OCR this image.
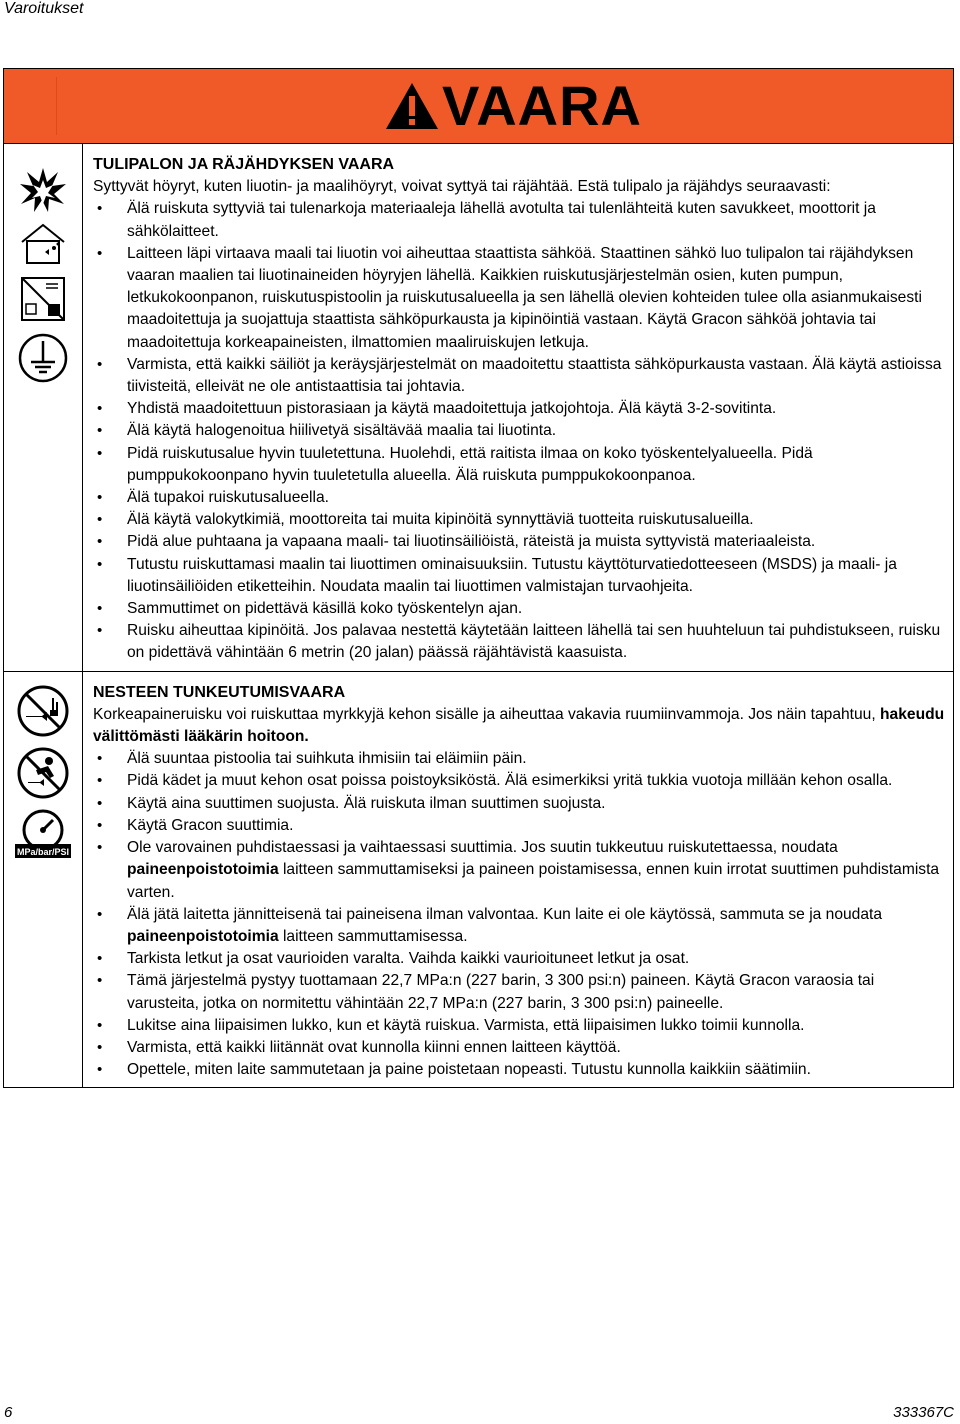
Varoitukset
VAARA
TULIPALON JA RÄJÄHDYKSEN VAARA

Syttyvät höyryt, kuten liuotin- ja maalihöyryt, voivat syttyä tai räjähtää. Estä tulipalo ja räjähdys seuraavasti:

• Älä ruiskuta syttyviä tai tulenarkoja materiaaleja lähellä avotulta tai tulenlähteitä kuten savukkeet, moottorit ja sähkölaitteet.
• Laitteen läpi virtaava maali tai liuotin voi aiheuttaa staattista sähköä. Staattinen sähkö luo tulipalon tai räjähdyksen vaaran maalien tai liuotinaineiden höyryjen lähellä. Kaikkien ruiskutusjärjestelmän osien, kuten pumpun, letkukokoonpanon, ruiskutuspistoolin ja ruiskutusalueella ja sen lähellä olevien kohteiden tulee olla asianmukaisesti maadoitettuja ja suojattuja staattista sähköpurkausta ja kipinöintiä vastaan. Käytä Gracon sähköä johtavia tai maadoitettuja korkeapaineisten, ilmattomien maaliruiskujen letkuja.
• Varmista, että kaikki säiliöt ja keräysjärjestelmät on maadoitettu staattista sähköpurkausta vastaan. Älä käytä astioissa tiivisteitä, elleivät ne ole antistaattisia tai johtavia.
• Yhdistä maadoitettuun pistorasiaan ja käytä maadoitettuja jatkojohtoja. Älä käytä 3-2-sovitinta.
• Älä käytä halogenoitua hiilivetyä sisältävää maalia tai liuotinta.
• Pidä ruiskutusalue hyvin tuuletettuna. Huolehdi, että raitista ilmaa on koko työskentelyalueella. Pidä pumppukokoonpano hyvin tuuletetulla alueella. Älä ruiskuta pumppukokoonpanoa.
• Älä tupakoi ruiskutusalueella.
• Älä käytä valokytkimiä, moottoreita tai muita kipinöitä synnyttäviä tuotteita ruiskutusalueilla.
• Pidä alue puhtaana ja vapaana maali- tai liuotinsäiliöistä, räteistä ja muista syttyvistä materiaaleista.
• Tutustu ruiskuttamasi maalin tai liuottimen ominaisuuksiin. Tutustu käyttöturvatiedotteeseen (MSDS) ja maali- ja liuotinsäiliöiden etiketteihin. Noudata maalin tai liuottimen valmistajan turvaohjeita.
• Sammuttimet on pidettävä käsillä koko työskentelyn ajan.
• Ruisku aiheuttaa kipinöitä. Jos palavaa nestettä käytetään laitteen lähellä tai sen huuhteluun tai puhdistukseen, ruisku on pidettävä vähintään 6 metrin (20 jalan) päässä räjähtävistä kaasuista.
MPa/bar/PSI
NESTEEN TUNKEUTUMISVAARA

Korkeapaineruisku voi ruiskuttaa myrkkyjä kehon sisälle ja aiheuttaa vakavia ruumiinvammoja. Jos näin tapahtuu, hakeudu välittömästi lääkärin hoitoon.

• Älä suuntaa pistoolia tai suihkuta ihmisiin tai eläimiin päin.
• Pidä kädet ja muut kehon osat poissa poistoyksiköstä. Älä esimerkiksi yritä tukkia vuotoja millään kehon osalla.
• Käytä aina suuttimen suojusta. Älä ruiskuta ilman suuttimen suojusta.
• Käytä Gracon suuttimia.
• Ole varovainen puhdistaessasi ja vaihtaessasi suuttimia. Jos suutin tukkeutuu ruiskutettaessa, noudata paineenpoistotoimia laitteen sammuttamiseksi ja paineen poistamisessa, ennen kuin irrotat suuttimen puhdistamista varten.
• Älä jätä laitetta jännitteisenä tai paineisena ilman valvontaa. Kun laite ei ole käytössä, sammuta se ja noudata paineenpoistotoimia laitteen sammuttamisessa.
• Tarkista letkut ja osat vaurioiden varalta. Vaihda kaikki vaurioituneet letkut ja osat.
• Tämä järjestelmä pystyy tuottamaan 22,7 MPa:n (227 barin, 3 300 psi:n) paineen. Käytä Gracon varaosia tai varusteita, jotka on normitettu vähintään 22,7 MPa:n (227 barin, 3 300 psi:n) paineelle.
• Lukitse aina liipaisimen lukko, kun et käytä ruiskua. Varmista, että liipaisimen lukko toimii kunnolla.
• Varmista, että kaikki liitännät ovat kunnolla kiinni ennen laitteen käyttöä.
• Opettele, miten laite sammutetaan ja paine poistetaan nopeasti. Tutustu kunnolla kaikkiin säätimiin.
6	333367C
